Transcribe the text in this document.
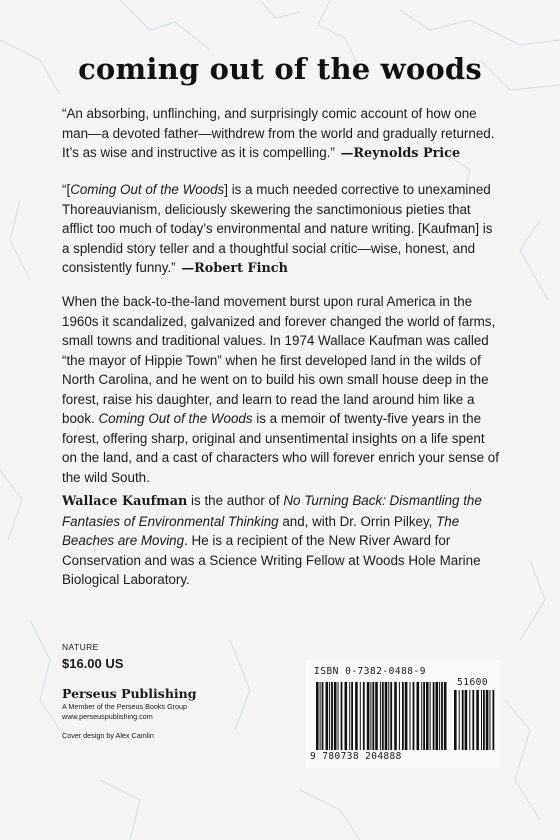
coming out of the woods

“An absorbing, unflinching, and surprisingly comic account of how one man—a devoted father—withdrew from the world and gradually returned. It’s as wise and instructive as it is compelling.” —Reynolds Price

“[Coming Out of the Woods] is a much needed corrective to unexamined Thoreauvianism, deliciously skewering the sanctimonious pieties that afflict too much of today’s environmental and nature writing. [Kaufman] is a splendid story teller and a thoughtful social critic—wise, honest, and consistently funny.” —Robert Finch

When the back-to-the-land movement burst upon rural America in the 1960s it scandalized, galvanized and forever changed the world of farms, small towns and traditional values. In 1974 Wallace Kaufman was called “the mayor of Hippie Town” when he first developed land in the wilds of North Carolina, and he went on to build his own small house deep in the forest, raise his daughter, and learn to read the land around him like a book. Coming Out of the Woods is a memoir of twenty-five years in the forest, offering sharp, original and unsentimental insights on a life spent on the land, and a cast of characters who will forever enrich your sense of the wild South.

Wallace Kaufman is the author of No Turning Back: Dismantling the Fantasies of Environmental Thinking and, with Dr. Orrin Pilkey, The Beaches are Moving. He is a recipient of the New River Award for Conservation and was a Science Writing Fellow at Woods Hole Marine Biological Laboratory.

NATURE

$16.00 US

Perseus Publishing

A Member of the Perseus Books Group

www.perseuspublishing.com

Cover design by Alex Camlin

ISBN 0-7382-0488-9
51600
9 780738 204888
